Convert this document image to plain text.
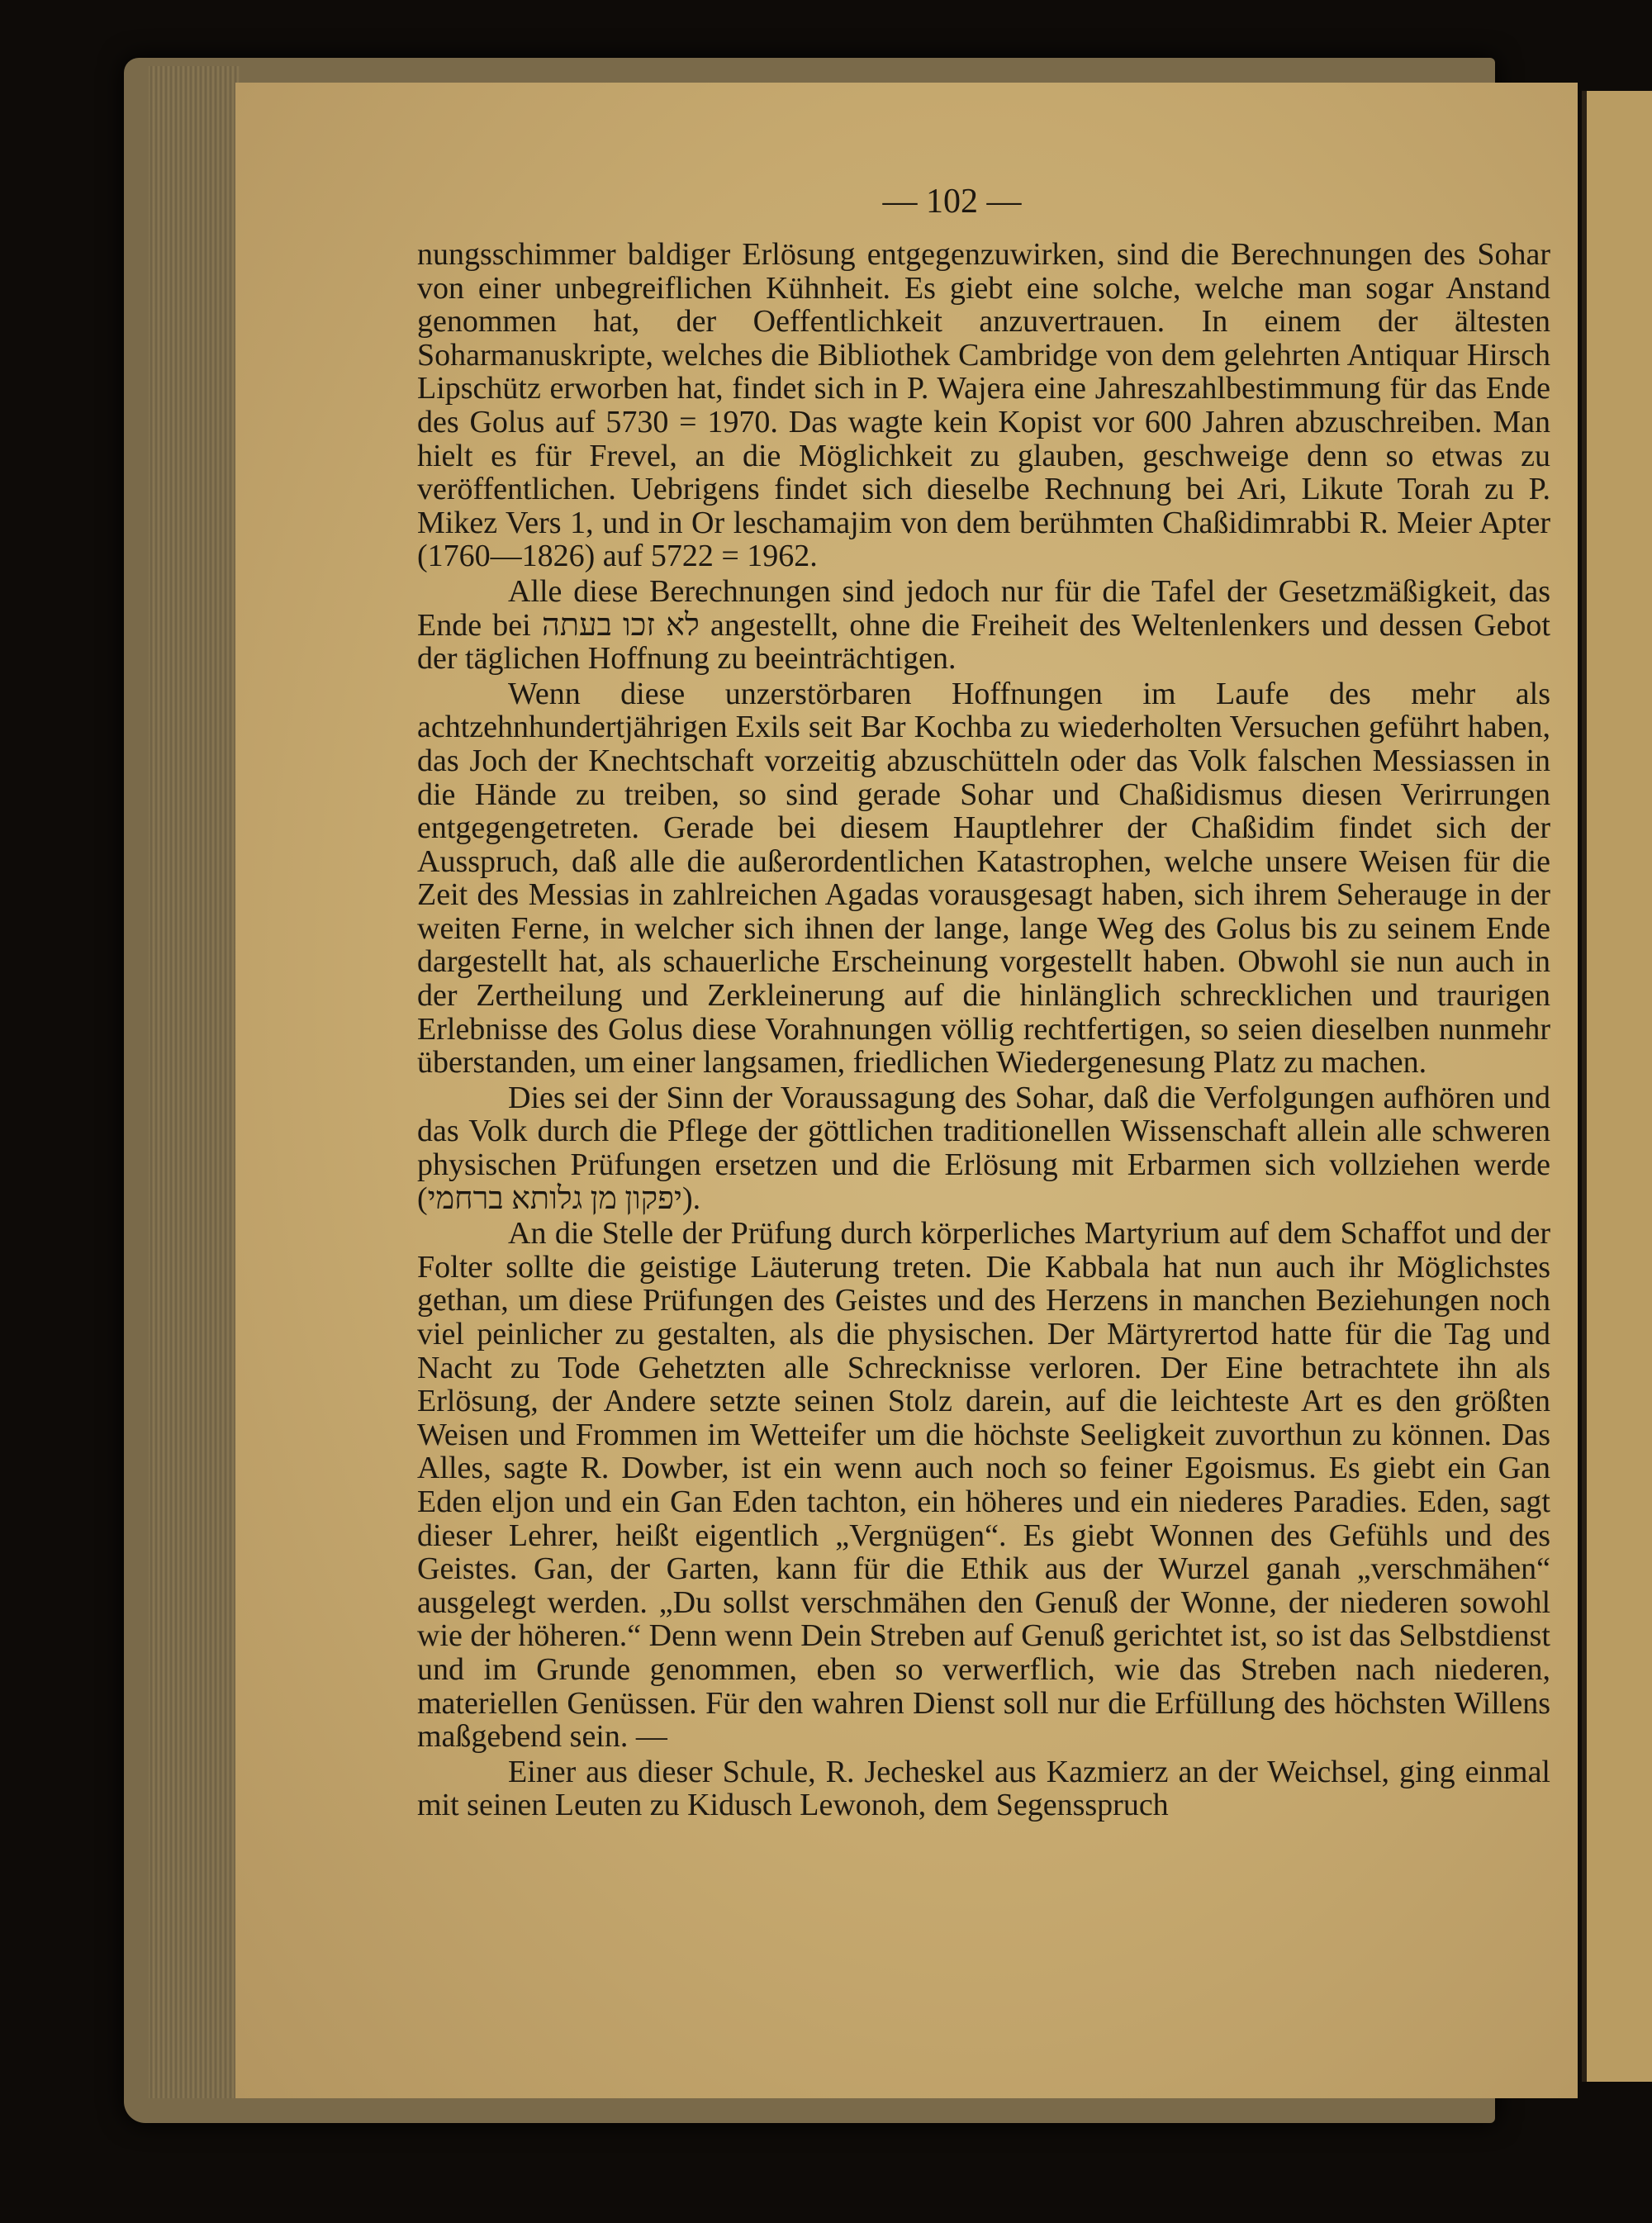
— 102 —

nungsschimmer baldiger Erlösung entgegenzuwirken, sind die Berechnungen des Sohar von einer unbegreiflichen Kühnheit. Es giebt eine solche, welche man sogar Anstand genommen hat, der Oeffentlichkeit anzuvertrauen. In einem der ältesten Soharmanuskripte, welches die Bibliothek Cambridge von dem gelehrten Antiquar Hirsch Lipschütz erworben hat, findet sich in P. Wajera eine Jahreszahlbestimmung für das Ende des Golus auf 5730 = 1970. Das wagte kein Kopist vor 600 Jahren abzuschreiben. Man hielt es für Frevel, an die Möglichkeit zu glauben, geschweige denn so etwas zu veröffentlichen. Uebrigens findet sich dieselbe Rechnung bei Ari, Likute Torah zu P. Mikez Vers 1, und in Or leschamajim von dem berühmten Chaßidimrabbi R. Meier Apter (1760—1826) auf 5722 = 1962.

Alle diese Berechnungen sind jedoch nur für die Tafel der Gesetzmäßigkeit, das Ende bei לא זכו בעתה angestellt, ohne die Freiheit des Weltenlenkers und dessen Gebot der täglichen Hoffnung zu beeinträchtigen.

Wenn diese unzerstörbaren Hoffnungen im Laufe des mehr als achtzehnhundertjährigen Exils seit Bar Kochba zu wiederholten Versuchen geführt haben, das Joch der Knechtschaft vorzeitig abzuschütteln oder das Volk falschen Messiassen in die Hände zu treiben, so sind gerade Sohar und Chaßidismus diesen Verirrungen entgegengetreten. Gerade bei diesem Hauptlehrer der Chaßidim findet sich der Ausspruch, daß alle die außerordentlichen Katastrophen, welche unsere Weisen für die Zeit des Messias in zahlreichen Agadas vorausgesagt haben, sich ihrem Seherauge in der weiten Ferne, in welcher sich ihnen der lange, lange Weg des Golus bis zu seinem Ende dargestellt hat, als schauerliche Erscheinung vorgestellt haben. Obwohl sie nun auch in der Zertheilung und Zerkleinerung auf die hinlänglich schrecklichen und traurigen Erlebnisse des Golus diese Vorahnungen völlig rechtfertigen, so seien dieselben nunmehr überstanden, um einer langsamen, friedlichen Wiedergenesung Platz zu machen.

Dies sei der Sinn der Voraussagung des Sohar, daß die Verfolgungen aufhören und das Volk durch die Pflege der göttlichen traditionellen Wissenschaft allein alle schweren physischen Prüfungen ersetzen und die Erlösung mit Erbarmen sich vollziehen werde (יפקון מן גלותא ברחמי).

An die Stelle der Prüfung durch körperliches Martyrium auf dem Schaffot und der Folter sollte die geistige Läuterung treten. Die Kabbala hat nun auch ihr Möglichstes gethan, um diese Prüfungen des Geistes und des Herzens in manchen Beziehungen noch viel peinlicher zu gestalten, als die physischen. Der Märtyrertod hatte für die Tag und Nacht zu Tode Gehetzten alle Schrecknisse verloren. Der Eine betrachtete ihn als Erlösung, der Andere setzte seinen Stolz darein, auf die leichteste Art es den größten Weisen und Frommen im Wetteifer um die höchste Seeligkeit zuvorthun zu können. Das Alles, sagte R. Dowber, ist ein wenn auch noch so feiner Egoismus. Es giebt ein Gan Eden eljon und ein Gan Eden tachton, ein höheres und ein niederes Paradies. Eden, sagt dieser Lehrer, heißt eigentlich „Vergnügen“. Es giebt Wonnen des Gefühls und des Geistes. Gan, der Garten, kann für die Ethik aus der Wurzel ganah „verschmähen“ ausgelegt werden. „Du sollst verschmähen den Genuß der Wonne, der niederen sowohl wie der höheren.“ Denn wenn Dein Streben auf Genuß gerichtet ist, so ist das Selbstdienst und im Grunde genommen, eben so verwerflich, wie das Streben nach niederen, materiellen Genüssen. Für den wahren Dienst soll nur die Erfüllung des höchsten Willens maßgebend sein. —

Einer aus dieser Schule, R. Jecheskel aus Kazmierz an der Weichsel, ging einmal mit seinen Leuten zu Kidusch Lewonoh, dem Segensspruch
